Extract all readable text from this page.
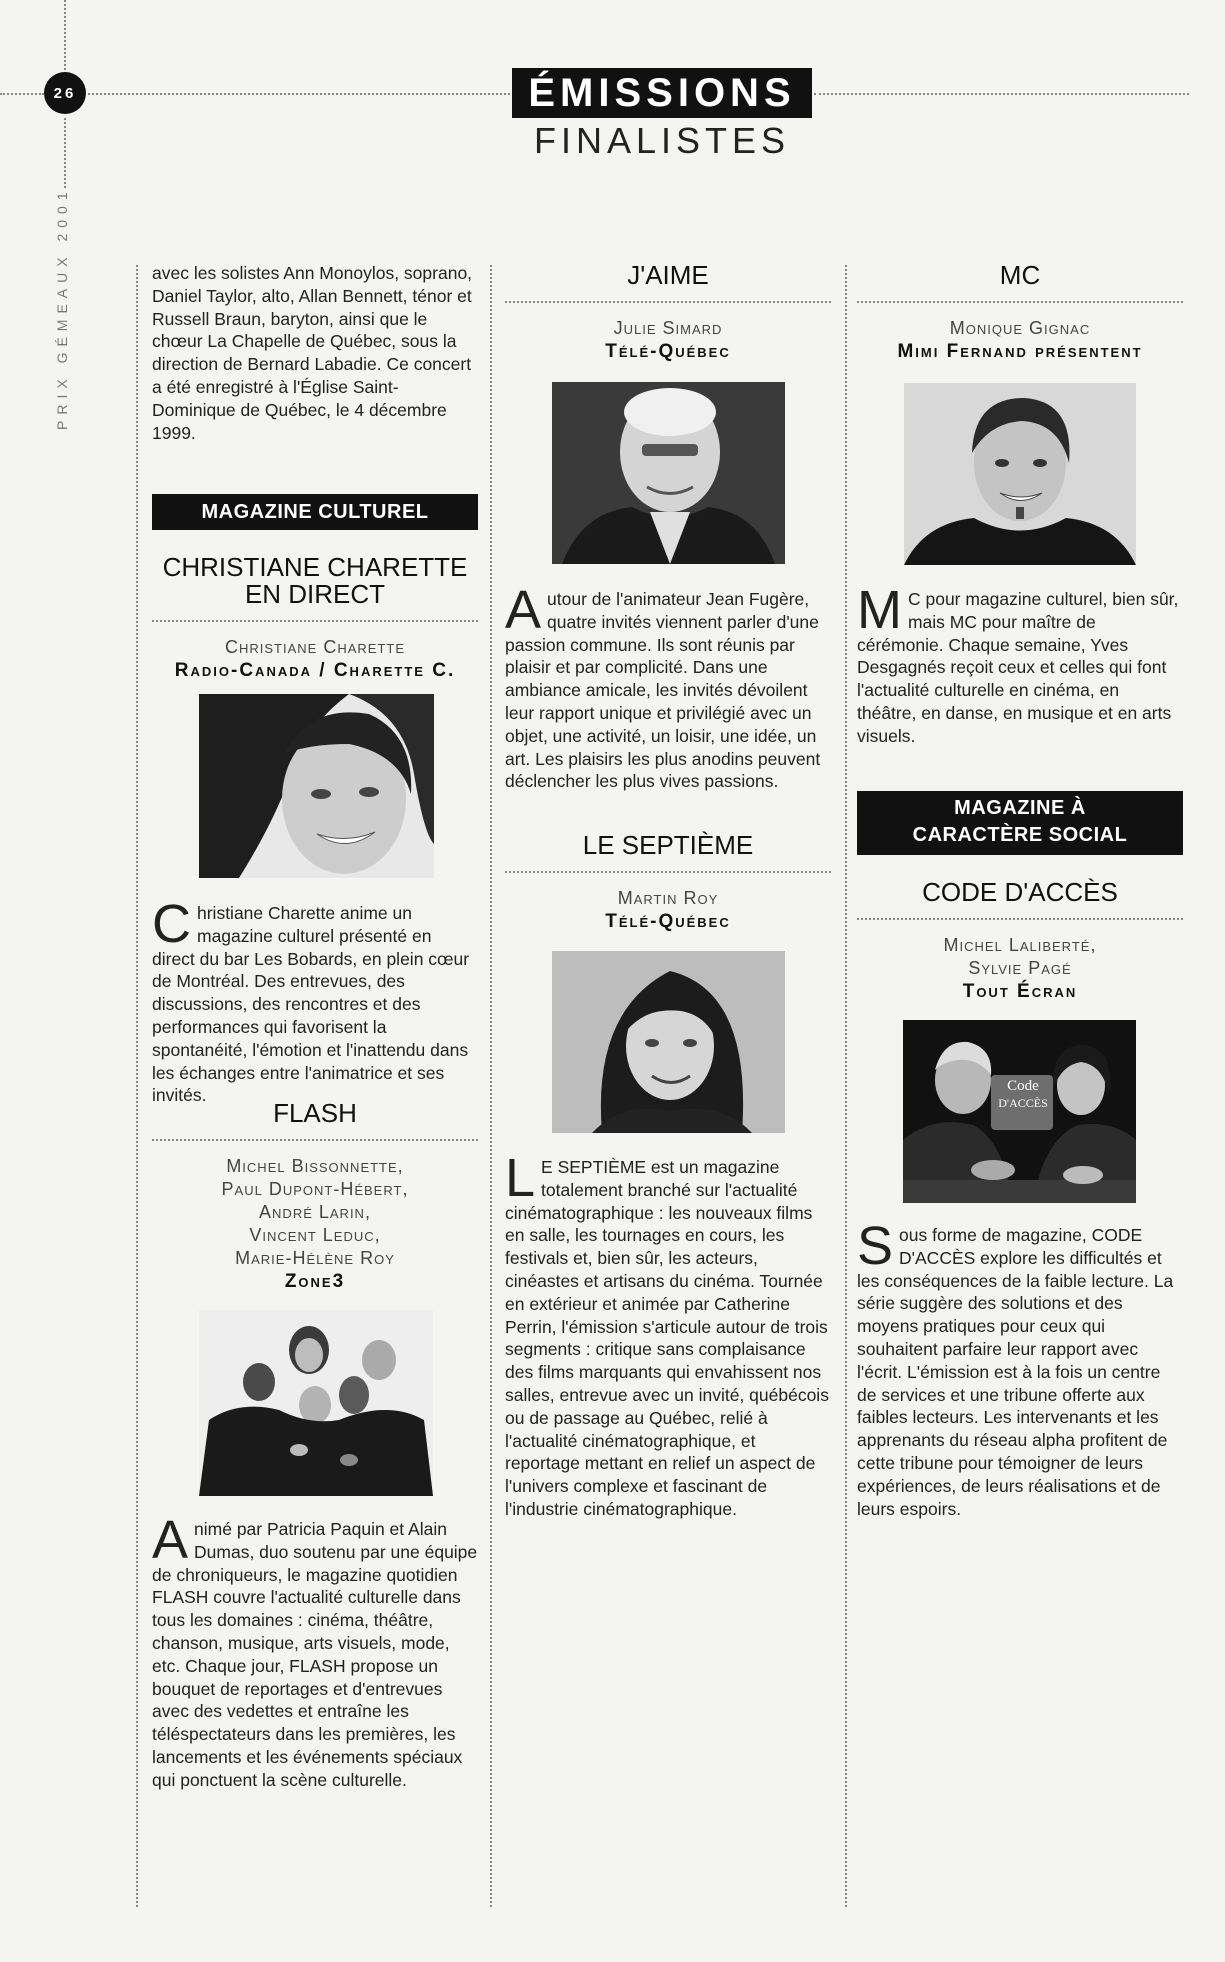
26
PRIX GÉMEAUX 2001
ÉMISSIONS
FINALISTES

avec les solistes Ann Monoylos, soprano, Daniel Taylor, alto, Allan Bennett, ténor et Russell Braun, baryton, ainsi que le chœur La Chapelle de Québec, sous la direction de Bernard Labadie. Ce concert a été enregistré à l'Église Saint-Dominique de Québec, le 4 décembre 1999.

MAGAZINE CULTUREL

CHRISTIANE CHARETTE

EN DIRECT

Christiane Charette

Radio-Canada / Charette C.

Christiane Charette anime un magazine culturel présenté en direct du bar Les Bobards, en plein cœur de Montréal. Des entrevues, des discussions, des rencontres et des performances qui favorisent la spontanéité, l'émotion et l'inattendu dans les échanges entre l'animatrice et ses invités.

FLASH

Michel Bissonnette,

Paul Dupont-Hébert,

André Larin,

Vincent Leduc,

Marie-Hélène Roy

Zone3

Animé par Patricia Paquin et Alain Dumas, duo soutenu par une équipe de chroniqueurs, le magazine quotidien FLASH couvre l'actualité culturelle dans tous les domaines : cinéma, théâtre, chanson, musique, arts visuels, mode, etc. Chaque jour, FLASH propose un bouquet de reportages et d'entrevues avec des vedettes et entraîne les téléspectateurs dans les premières, les lancements et les événements spéciaux qui ponctuent la scène culturelle.

J'AIME

Julie Simard

Télé-Québec

Autour de l'animateur Jean Fugère, quatre invités viennent parler d'une passion commune. Ils sont réunis par plaisir et par complicité. Dans une ambiance amicale, les invités dévoilent leur rapport unique et privilégié avec un objet, une activité, un loisir, une idée, un art. Les plaisirs les plus anodins peuvent déclencher les plus vives passions.

LE SEPTIÈME

Martin Roy

Télé-Québec

L E SEPTIÈME est un magazine totalement branché sur l'actualité cinématographique : les nouveaux films en salle, les tournages en cours, les festivals et, bien sûr, les acteurs, cinéastes et artisans du cinéma. Tournée en extérieur et animée par Catherine Perrin, l'émission s'articule autour de trois segments : critique sans complaisance des films marquants qui envahissent nos salles, entrevue avec un invité, québécois ou de passage au Québec, relié à l'actualité cinématographique, et reportage mettant en relief un aspect de l'univers complexe et fascinant de l'industrie cinématographique.

MC

Monique Gignac

Mimi Fernand présentent

M C pour magazine culturel, bien sûr, mais MC pour maître de cérémonie. Chaque semaine, Yves Desgagnés reçoit ceux et celles qui font l'actualité culturelle en cinéma, en théâtre, en danse, en musique et en arts visuels.

MAGAZINE À
CARACTÈRE SOCIAL

CODE D'ACCÈS

Michel Laliberté,

Sylvie Pagé

Tout Écran

Code
D'ACCÈS

Sous forme de magazine, CODE D'ACCÈS explore les difficultés et les conséquences de la faible lecture. La série suggère des solutions et des moyens pratiques pour ceux qui souhaitent parfaire leur rapport avec l'écrit. L'émission est à la fois un centre de services et une tribune offerte aux faibles lecteurs. Les intervenants et les apprenants du réseau alpha profitent de cette tribune pour témoigner de leurs expériences, de leurs réalisations et de leurs espoirs.
